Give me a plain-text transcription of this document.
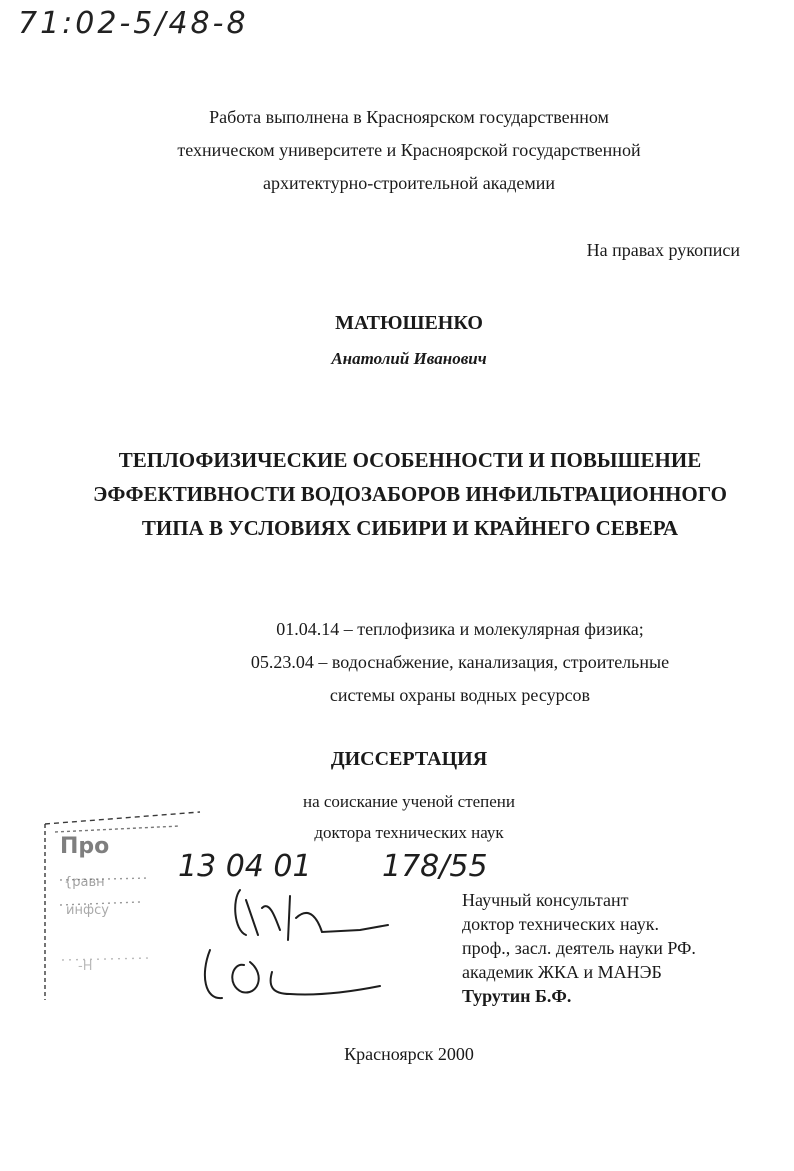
71:02-5/48-8
Работа выполнена в Красноярском государственном
техническом университете и Красноярской государственной
архитектурно-строительной академии
На правах рукописи
МАТЮШЕНКО
Анатолий Иванович
ТЕПЛОФИЗИЧЕСКИЕ ОСОБЕННОСТИ И ПОВЫШЕНИЕ
ЭФФЕКТИВНОСТИ ВОДОЗАБОРОВ ИНФИЛЬТРАЦИОННОГО
ТИПА В УСЛОВИЯХ СИБИРИ И КРАЙНЕГО СЕВЕРА
01.04.14 – теплофизика и молекулярная физика;
05.23.04 – водоснабжение, канализация, строительные
системы охраны водных ресурсов
ДИССЕРТАЦИЯ
на соискание ученой степени
доктора технических наук
Про
{равн
инфсу
-Н
13 04 01 178/55
Научный консультант
доктор технических наук.
проф., засл. деятель науки РФ.
академик ЖКА и МАНЭБ
Турутин Б.Ф.
Красноярск 2000
